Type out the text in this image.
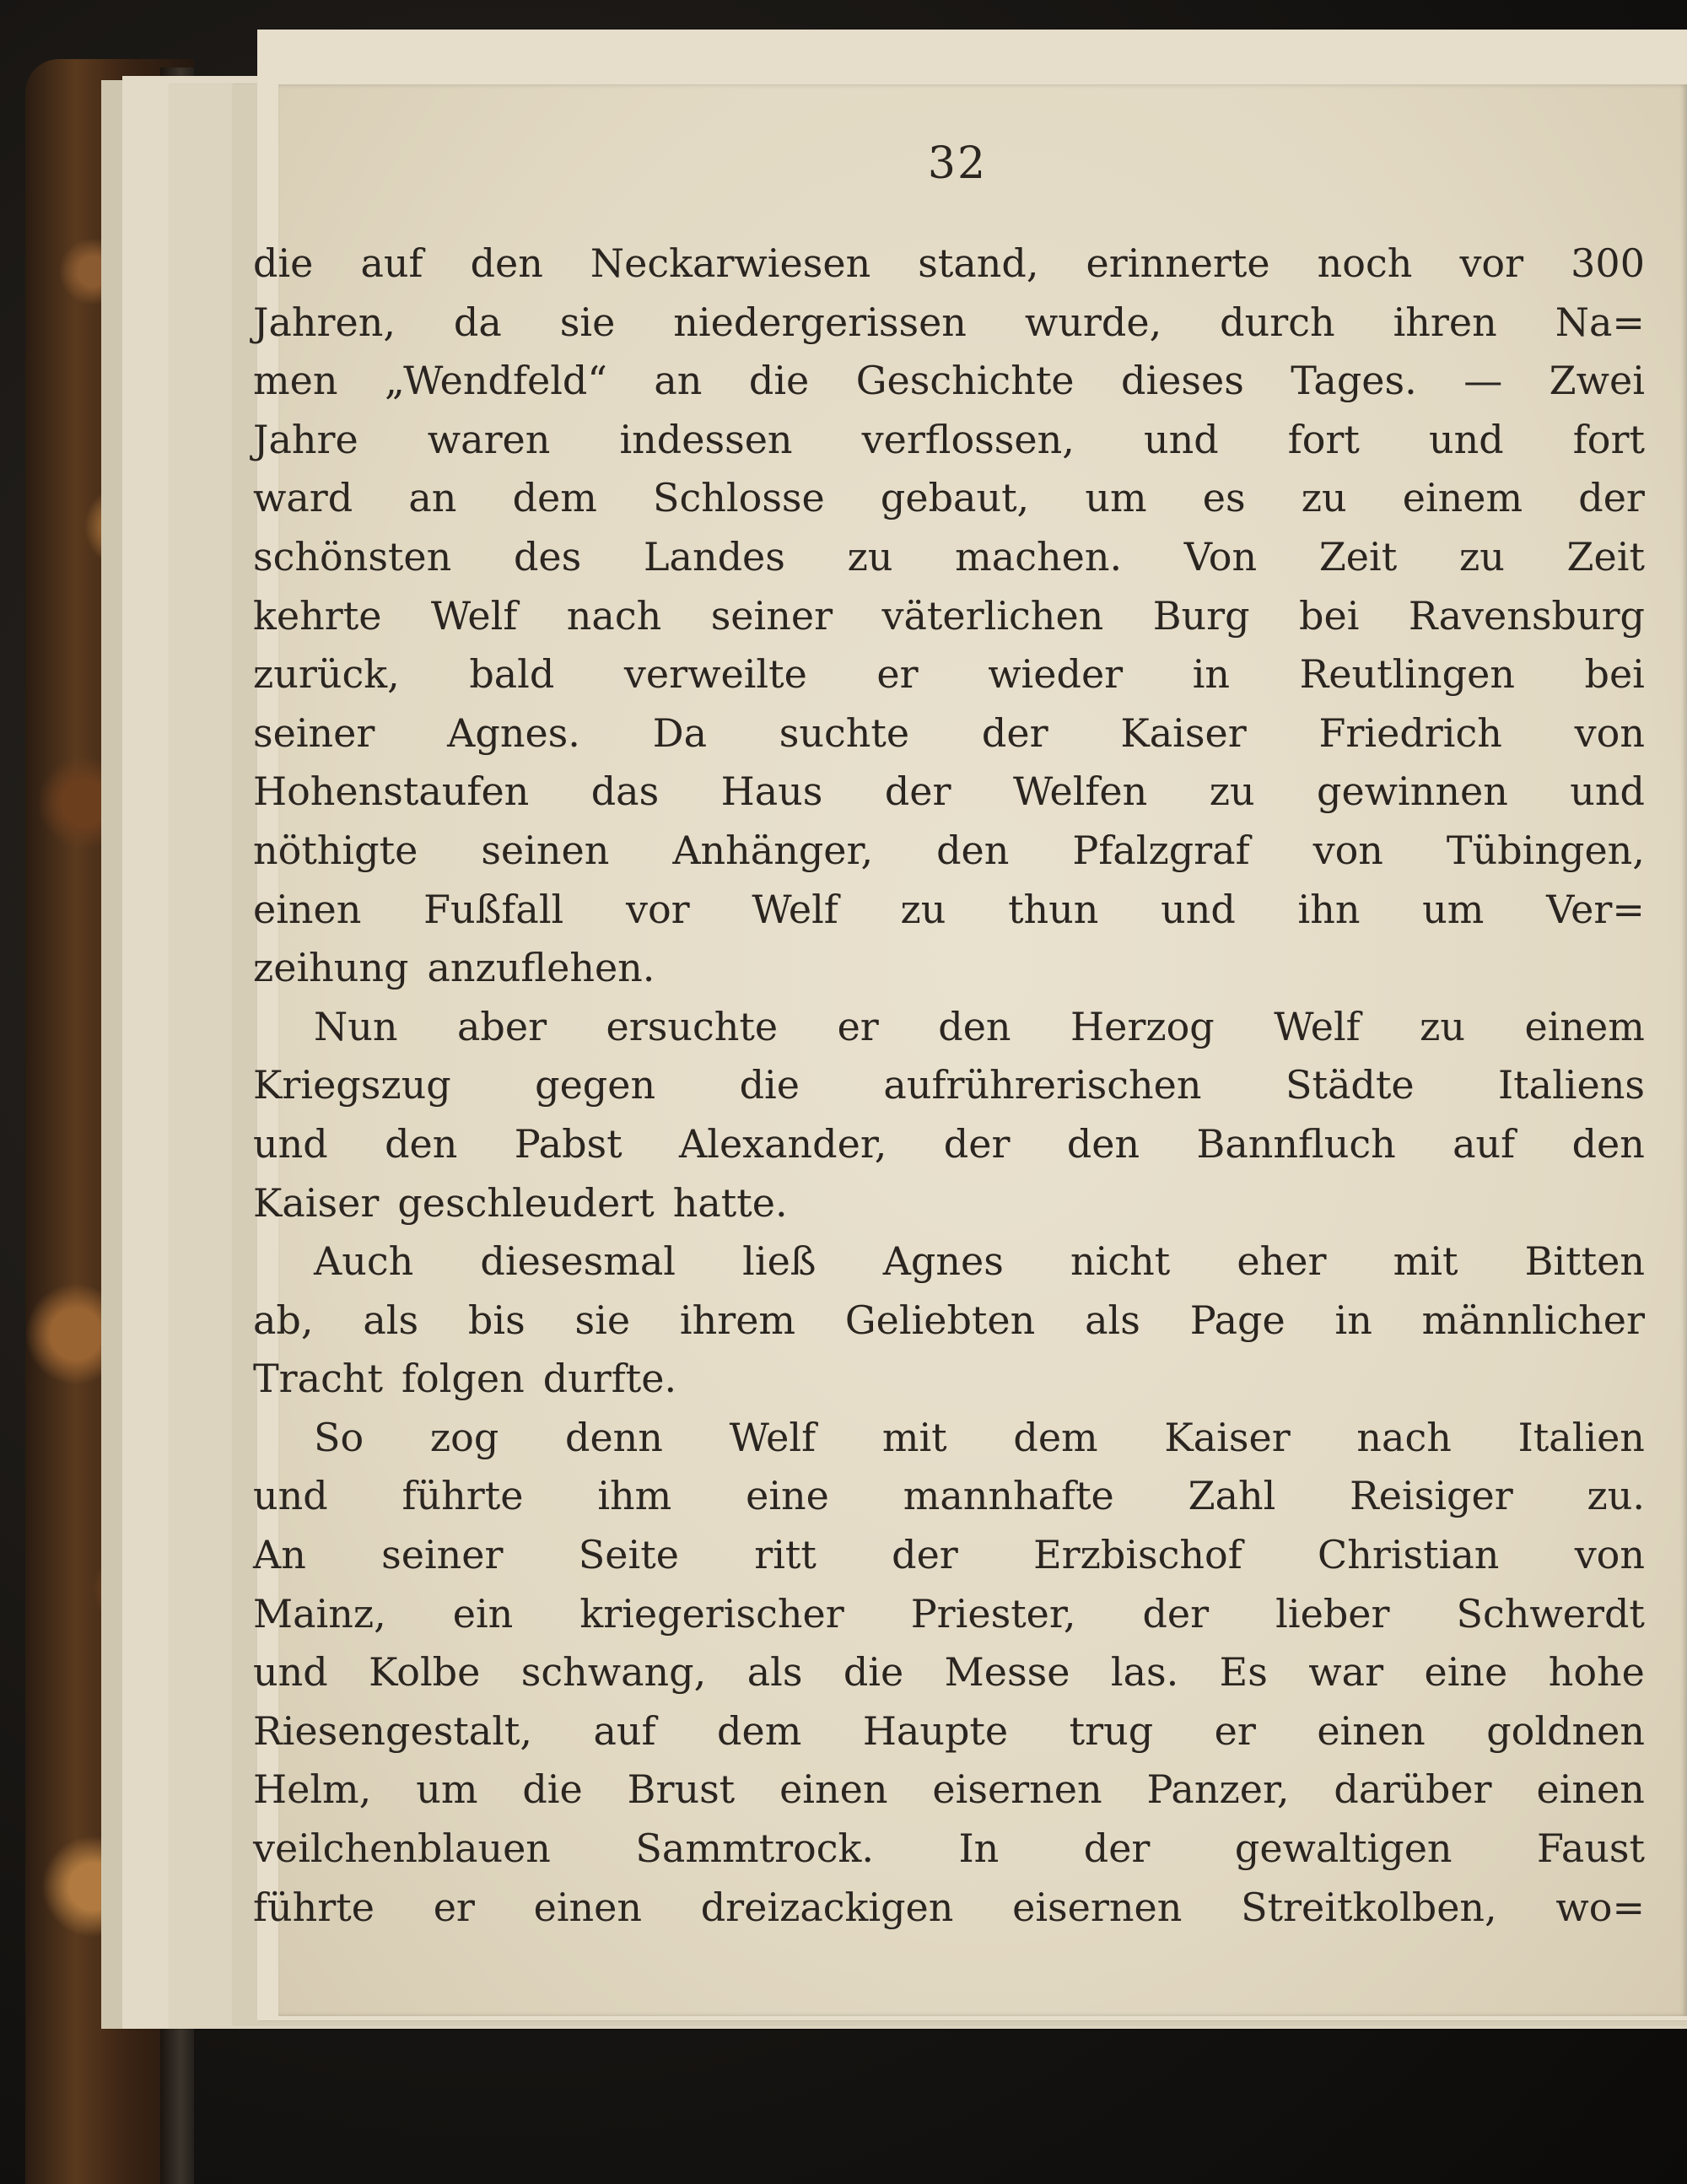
32
die auf den Neckarwiesen stand, erinnerte noch vor 300
Jahren, da sie niedergerissen wurde, durch ihren Na=
men „Wendfeld“ an die Geschichte dieses Tages. — Zwei
Jahre waren indessen verflossen, und fort und fort
ward an dem Schlosse gebaut, um es zu einem der
schönsten des Landes zu machen. Von Zeit zu Zeit
kehrte Welf nach seiner väterlichen Burg bei Ravensburg
zurück, bald verweilte er wieder in Reutlingen bei
seiner Agnes. Da suchte der Kaiser Friedrich von
Hohenstaufen das Haus der Welfen zu gewinnen und
nöthigte seinen Anhänger, den Pfalzgraf von Tübingen,
einen Fußfall vor Welf zu thun und ihn um Ver=
zeihung anzuflehen.
Nun aber ersuchte er den Herzog Welf zu einem
Kriegszug gegen die aufrührerischen Städte Italiens
und den Pabst Alexander, der den Bannfluch auf den
Kaiser geschleudert hatte.
Auch diesesmal ließ Agnes nicht eher mit Bitten
ab, als bis sie ihrem Geliebten als Page in männlicher
Tracht folgen durfte.
So zog denn Welf mit dem Kaiser nach Italien
und führte ihm eine mannhafte Zahl Reisiger zu.
An seiner Seite ritt der Erzbischof Christian von
Mainz, ein kriegerischer Priester, der lieber Schwerdt
und Kolbe schwang, als die Messe las. Es war eine hohe
Riesengestalt, auf dem Haupte trug er einen goldnen
Helm, um die Brust einen eisernen Panzer, darüber einen
veilchenblauen Sammtrock. In der gewaltigen Faust
führte er einen dreizackigen eisernen Streitkolben, wo=
